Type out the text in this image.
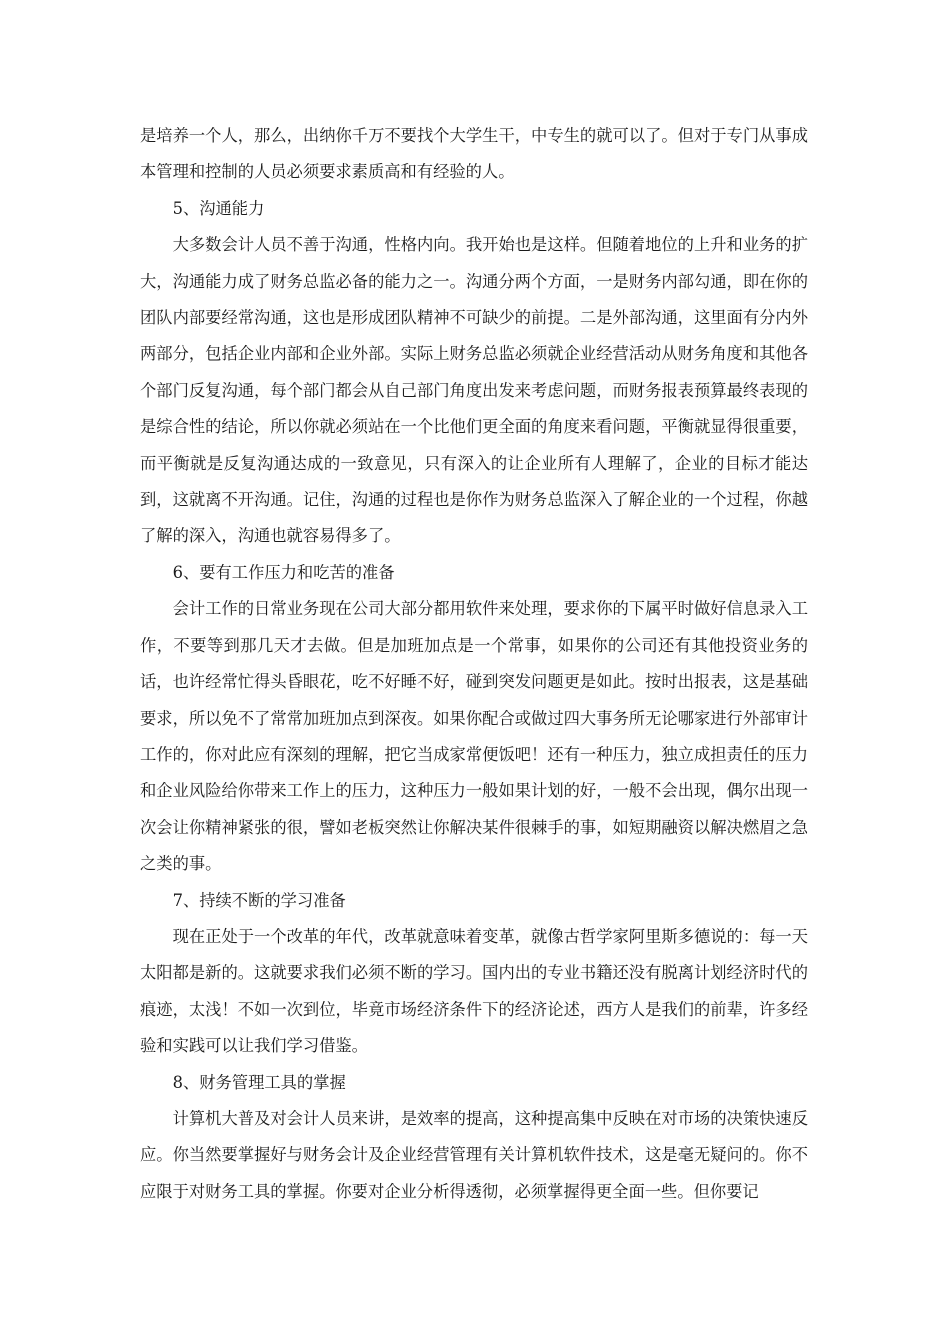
是培养一个人，那么，出纳你千万不要找个大学生干，中专生的就可以了。但对于专门从事成本管理和控制的人员必须要求素质高和有经验的人。

5、沟通能力

大多数会计人员不善于沟通，性格内向。我开始也是这样。但随着地位的上升和业务的扩大，沟通能力成了财务总监必备的能力之一。沟通分两个方面，一是财务内部勾通，即在你的团队内部要经常沟通，这也是形成团队精神不可缺少的前提。二是外部沟通，这里面有分内外两部分，包括企业内部和企业外部。实际上财务总监必须就企业经营活动从财务角度和其他各个部门反复沟通，每个部门都会从自己部门角度出发来考虑问题，而财务报表预算最终表现的是综合性的结论，所以你就必须站在一个比他们更全面的角度来看问题，平衡就显得很重要，而平衡就是反复沟通达成的一致意见，只有深入的让企业所有人理解了，企业的目标才能达到，这就离不开沟通。记住，沟通的过程也是你作为财务总监深入了解企业的一个过程，你越了解的深入，沟通也就容易得多了。

6、要有工作压力和吃苦的准备

会计工作的日常业务现在公司大部分都用软件来处理，要求你的下属平时做好信息录入工作，不要等到那几天才去做。但是加班加点是一个常事，如果你的公司还有其他投资业务的话，也许经常忙得头昏眼花，吃不好睡不好，碰到突发问题更是如此。按时出报表，这是基础要求，所以免不了常常加班加点到深夜。如果你配合或做过四大事务所无论哪家进行外部审计工作的，你对此应有深刻的理解，把它当成家常便饭吧！还有一种压力，独立成担责任的压力和企业风险给你带来工作上的压力，这种压力一般如果计划的好，一般不会出现，偶尔出现一次会让你精神紧张的很，譬如老板突然让你解决某件很棘手的事，如短期融资以解决燃眉之急之类的事。

7、持续不断的学习准备

现在正处于一个改革的年代，改革就意味着变革，就像古哲学家阿里斯多德说的：每一天太阳都是新的。这就要求我们必须不断的学习。国内出的专业书籍还没有脱离计划经济时代的痕迹，太浅！不如一次到位，毕竟市场经济条件下的经济论述，西方人是我们的前辈，许多经验和实践可以让我们学习借鉴。

8、财务管理工具的掌握

计算机大普及对会计人员来讲，是效率的提高，这种提高集中反映在对市场的决策快速反应。你当然要掌握好与财务会计及企业经营管理有关计算机软件技术，这是毫无疑问的。你不应限于对财务工具的掌握。你要对企业分析得透彻，必须掌握得更全面一些。但你要记
